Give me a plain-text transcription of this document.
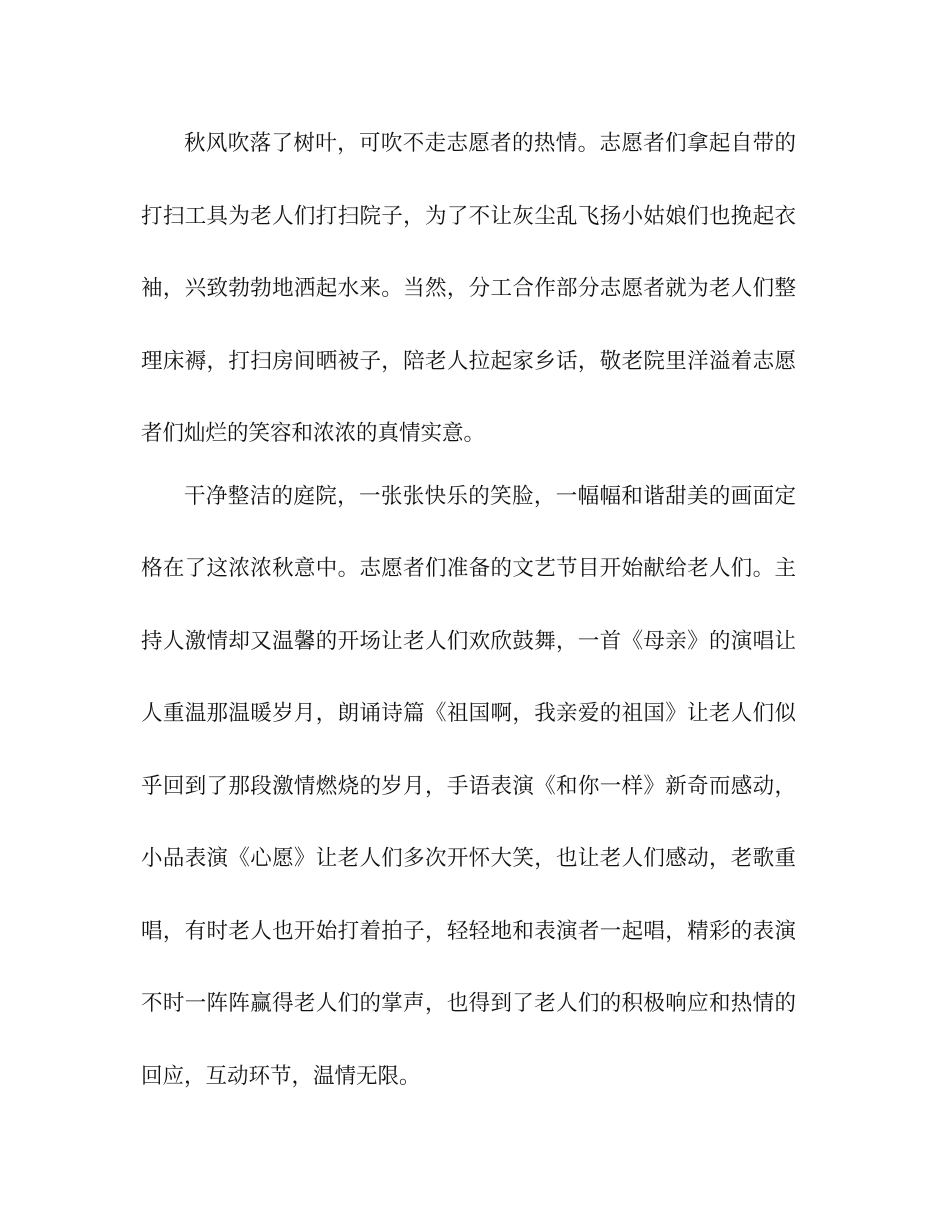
秋风吹落了树叶，可吹不走志愿者的热情。志愿者们拿起自带的
打扫工具为老人们打扫院子，为了不让灰尘乱飞扬小姑娘们也挽起衣
袖，兴致勃勃地洒起水来。当然，分工合作部分志愿者就为老人们整
理床褥，打扫房间晒被子，陪老人拉起家乡话，敬老院里洋溢着志愿
者们灿烂的笑容和浓浓的真情实意。
干净整洁的庭院，一张张快乐的笑脸，一幅幅和谐甜美的画面定
格在了这浓浓秋意中。志愿者们准备的文艺节目开始献给老人们。主
持人激情却又温馨的开场让老人们欢欣鼓舞，一首《母亲》的演唱让
人重温那温暖岁月，朗诵诗篇《祖国啊，我亲爱的祖国》让老人们似
乎回到了那段激情燃烧的岁月，手语表演《和你一样》新奇而感动，
小品表演《心愿》让老人们多次开怀大笑，也让老人们感动，老歌重
唱，有时老人也开始打着拍子，轻轻地和表演者一起唱，精彩的表演
不时一阵阵赢得老人们的掌声，也得到了老人们的积极响应和热情的
回应，互动环节，温情无限。
